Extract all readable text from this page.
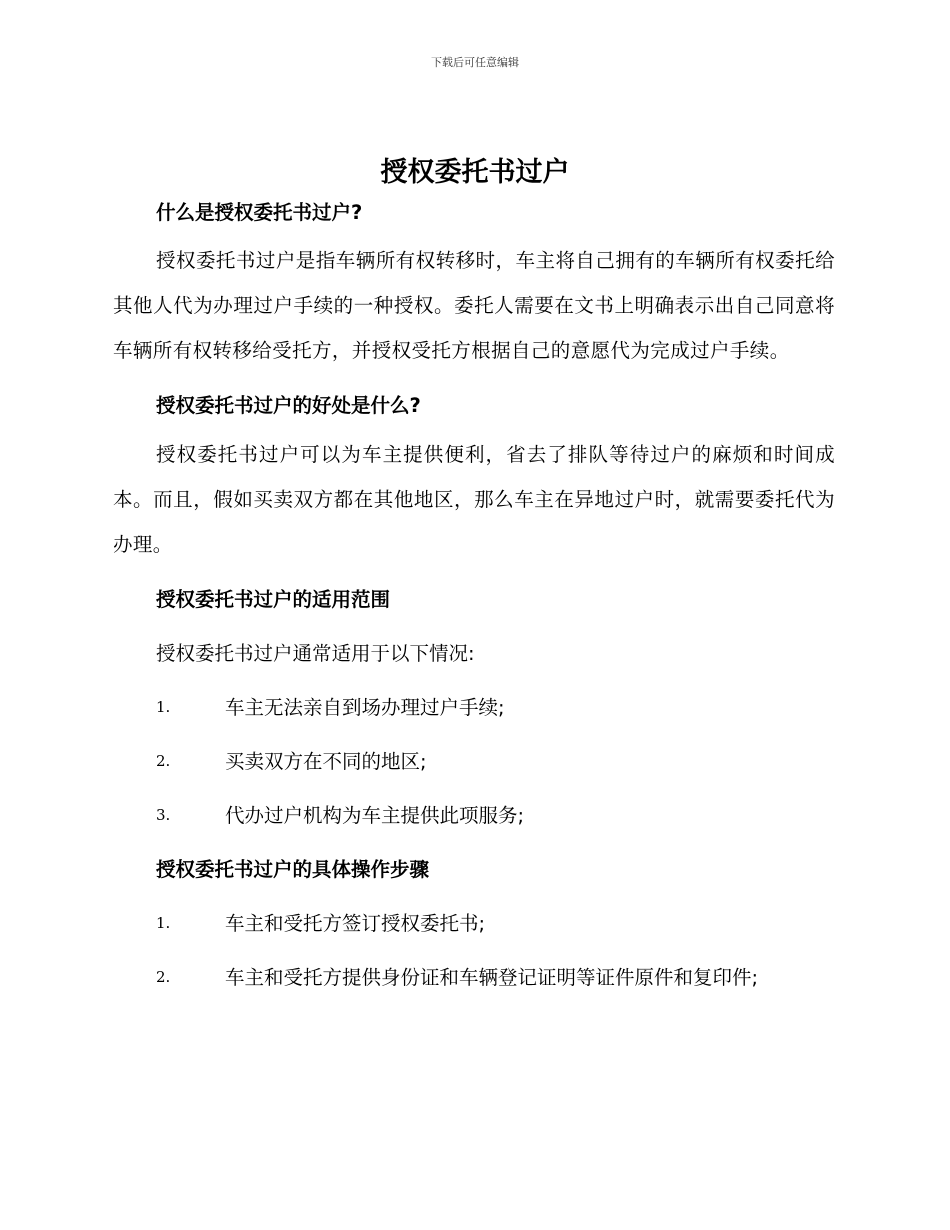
下载后可任意编辑
授权委托书过户
什么是授权委托书过户?

授权委托书过户是指车辆所有权转移时，车主将自己拥有的车辆所有权委托给其他人代为办理过户手续的一种授权。委托人需要在文书上明确表示出自己同意将车辆所有权转移给受托方，并授权受托方根据自己的意愿代为完成过户手续。

授权委托书过户的好处是什么?

授权委托书过户可以为车主提供便利，省去了排队等待过户的麻烦和时间成本。而且，假如买卖双方都在其他地区，那么车主在异地过户时，就需要委托代为办理。

授权委托书过户的适用范围

授权委托书过户通常适用于以下情况:

1.	车主无法亲自到场办理过户手续;
2.	买卖双方在不同的地区;
3.	代办过户机构为车主提供此项服务;
授权委托书过户的具体操作步骤
1.	车主和受托方签订授权委托书;
2.	车主和受托方提供身份证和车辆登记证明等证件原件和复印件;
